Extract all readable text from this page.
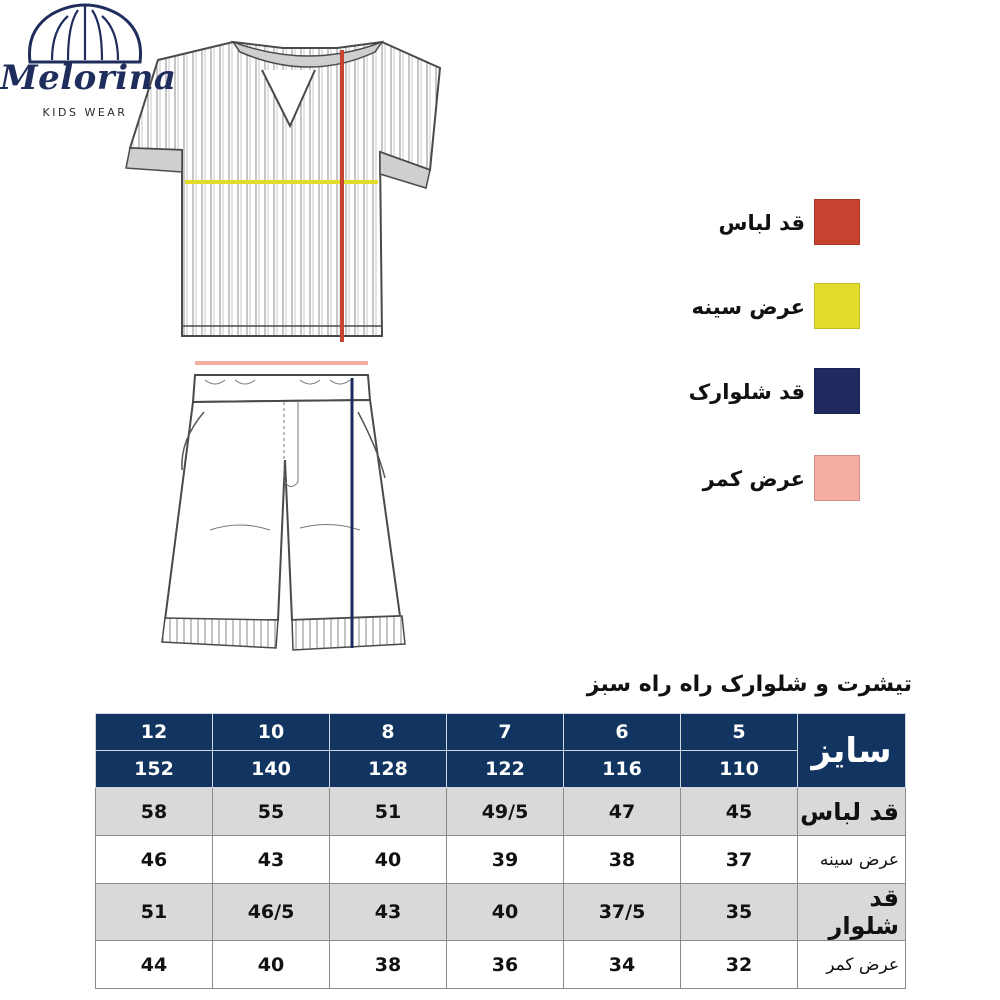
Melorina
KIDS WEAR
قد لباس
عرض سینه
قد شلوارک
عرض کمر
تیشرت و شلوارک راه راه سبز
12	10	8	7	6	5	سایز
152	140	128	122	116	110	
58	55	51	49/5	47	45	قد لباس
46	43	40	39	38	37	عرض سینه
51	46/5	43	40	37/5	35	قد شلوار
44	40	38	36	34	32	عرض کمر
